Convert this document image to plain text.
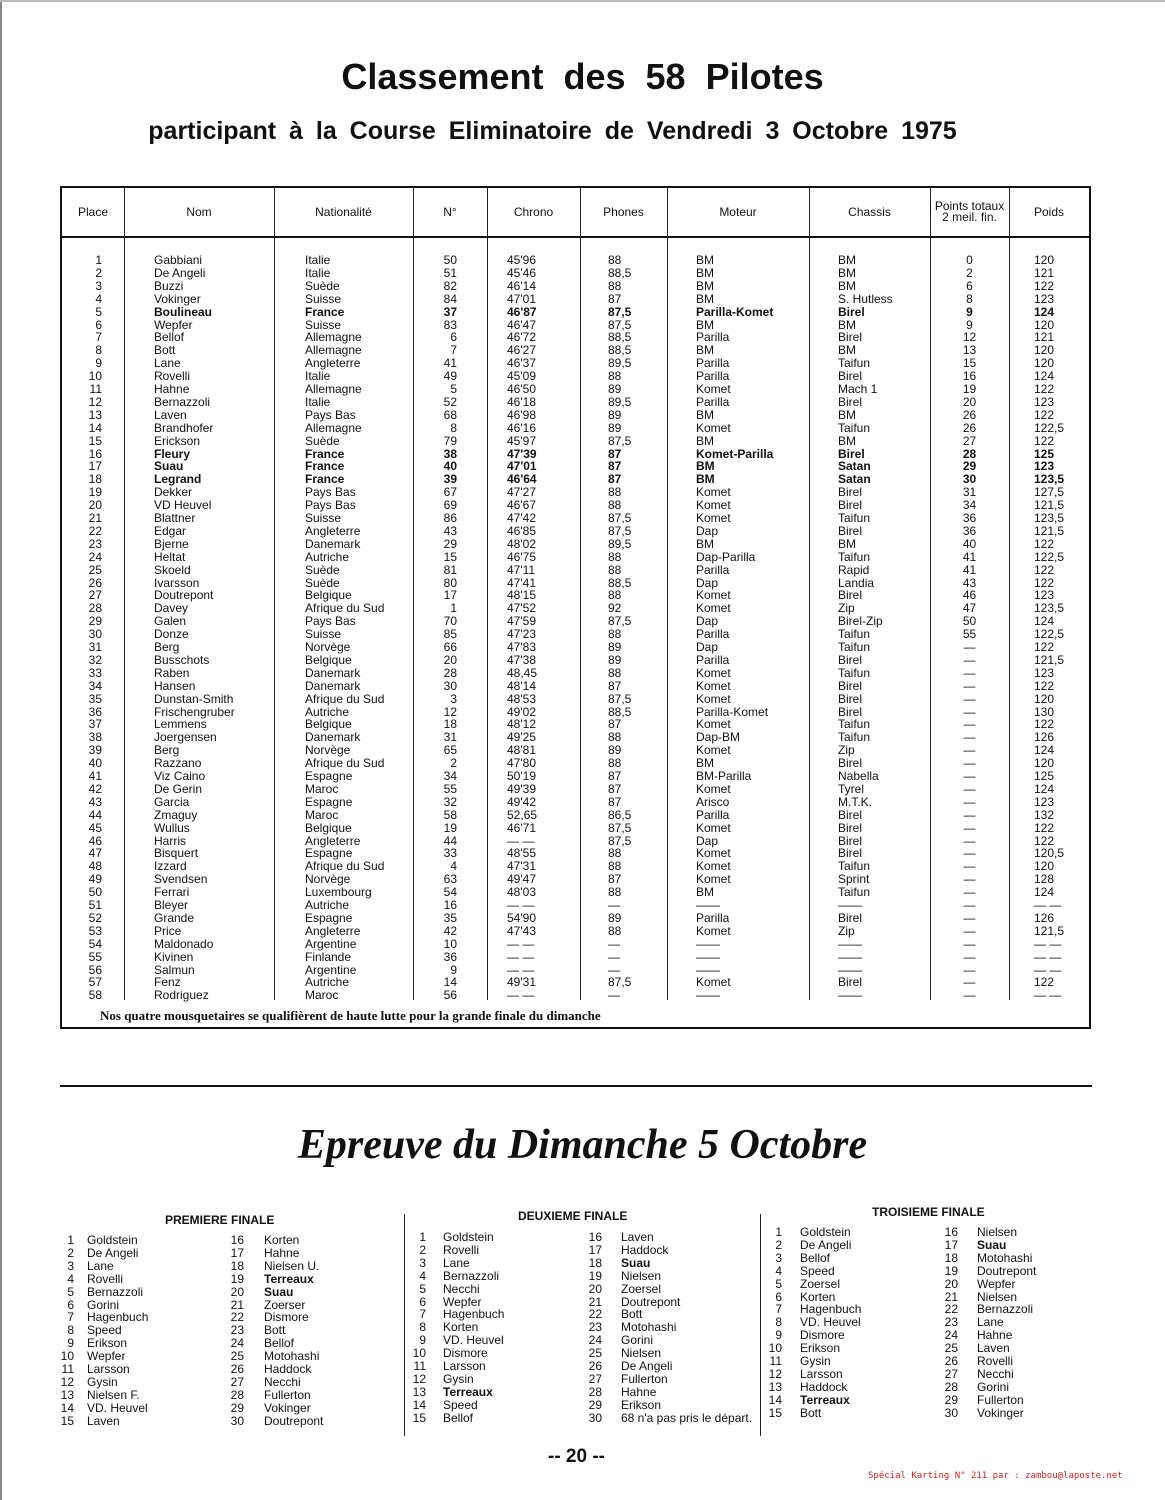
Classement des 58 Pilotes
participant à la Course Eliminatoire de Vendredi 3 Octobre 1975
Place	Nom	Nationalité	N°	Chrono	Phones	Moteur	Chassis	Points totaux 2 meil. fin.	Poids
1	Gabbiani	Italie	50	45'96	88	BM	BM	0	120
2	De Angeli	Italie	51	45'46	88,5	BM	BM	2	121
3	Buzzi	Suède	82	46'14	88	BM	BM	6	122
4	Vokinger	Suisse	84	47'01	87	BM	S. Hutless	8	123
5	Boulineau	France	37	46'87	87,5	Parilla-Komet	Birel	9	124
6	Wepfer	Suisse	83	46'47	87,5	BM	BM	9	120
7	Bellof	Allemagne	6	46'72	88,5	Parilla	Birel	12	121
8	Bott	Allemagne	7	46'27	88,5	BM	BM	13	120
9	Lane	Angleterre	41	46'37	89,5	Parilla	Taifun	15	120
10	Rovelli	Italie	49	45'09	88	Parilla	Birel	16	124
11	Hahne	Allemagne	5	46'50	89	Komet	Mach 1	19	122
12	Bernazzoli	Italie	52	46'18	89,5	Parilla	Birel	20	123
13	Laven	Pays Bas	68	46'98	89	BM	BM	26	122
14	Brandhofer	Allemagne	8	46'16	89	Komet	Taifun	26	122,5
15	Erickson	Suède	79	45'97	87,5	BM	BM	27	122
16	Fleury	France	38	47'39	87	Komet-Parilla	Birel	28	125
17	Suau	France	40	47'01	87	BM	Satan	29	123
18	Legrand	France	39	46'64	87	BM	Satan	30	123,5
19	Dekker	Pays Bas	67	47'27	88	Komet	Birel	31	127,5
20	VD Heuvel	Pays Bas	69	46'67	88	Komet	Birel	34	121,5
21	Blattner	Suisse	86	47'42	87,5	Komet	Taifun	36	123,5
22	Edgar	Angleterre	43	46'85	87,5	Dap	Birel	36	121,5
23	Bjerne	Danemark	29	48'02	89,5	BM	BM	40	122
24	Heltat	Autriche	15	46'75	88	Dap-Parilla	Taifun	41	122,5
25	Skoeld	Suède	81	47'11	88	Parilla	Rapid	41	122
26	Ivarsson	Suède	80	47'41	88,5	Dap	Landia	43	122
27	Doutrepont	Belgique	17	48'15	88	Komet	Birel	46	123
28	Davey	Afrique du Sud	1	47'52	92	Komet	Zip	47	123,5
29	Galen	Pays Bas	70	47'59	87,5	Dap	Birel-Zip	50	124
30	Donze	Suisse	85	47'23	88	Parilla	Taifun	55	122,5
31	Berg	Norvège	66	47'83	89	Dap	Taifun	—	122
32	Busschots	Belgique	20	47'38	89	Parilla	Birel	—	121,5
33	Raben	Danemark	28	48,45	88	Komet	Taifun	—	123
34	Hansen	Danemark	30	48'14	87	Komet	Birel	—	122
35	Dunstan-Smith	Afrique du Sud	3	48'53	87,5	Komet	Birel	—	120
36	Frischengruber	Autriche	12	49'02	88,5	Parilla-Komet	Birel	—	130
37	Lemmens	Belgique	18	48'12	87	Komet	Taifun	—	122
38	Joergensen	Danemark	31	49'25	88	Dap-BM	Taifun	—	126
39	Berg	Norvège	65	48'81	89	Komet	Zip	—	124
40	Razzano	Afrique du Sud	2	47'80	88	BM	Birel	—	120
41	Viz Caino	Espagne	34	50'19	87	BM-Parilla	Nabella	—	125
42	De Gerin	Maroc	55	49'39	87	Komet	Tyrel	—	124
43	Garcia	Espagne	32	49'42	87	Arisco	M.T.K.	—	123
44	Zmaguy	Maroc	58	52,65	86,5	Parilla	Birel	—	132
45	Wullus	Belgique	19	46'71	87,5	Komet	Birel	—	122
46	Harris	Angleterre	44	— —	87,5	Dap	Birel	—	122
47	Bisquert	Espagne	33	48'55	88	Komet	Birel	—	120,5
48	Izzard	Afrique du Sud	4	47'31	88	Komet	Taifun	—	120
49	Svendsen	Norvège	63	49'47	87	Komet	Sprint	—	128
50	Ferrari	Luxembourg	54	48'03	88	BM	Taifun	—	124
51	Bleyer	Autriche	16	— —	—	——	——	—	— —
52	Grande	Espagne	35	54'90	89	Parilla	Birel	—	126
53	Price	Angleterre	42	47'43	88	Komet	Zip	—	121,5
54	Maldonado	Argentine	10	— —	—	——	——	—	— —
55	Kivinen	Finlande	36	— —	—	——	——	—	— —
56	Salmun	Argentine	9	— —	—	——	——	—	— —
57	Fenz	Autriche	14	49'31	87,5	Komet	Birel	—	122
58	Rodriguez	Maroc	56	— —	—	——	——	—	— —
Nos quatre mousquetaires se qualifièrent de haute lutte pour la grande finale du dimanche
Epreuve du Dimanche 5 Octobre
PREMIERE FINALE
1 Goldstein
2 De Angeli
3 Lane
4 Rovelli
5 Bernazzoli
6 Gorini
7 Hagenbuch
8 Speed
9 Erikson
10 Wepfer
11 Larsson
12 Gysin
13 Nielsen F.
14 VD. Heuvel
15 Laven
16 Korten
17 Hahne
18 Nielsen U.
19 Terreaux
20 Suau
21 Zoerser
22 Dismore
23 Bott
24 Bellof
25 Motohashi
26 Haddock
27 Necchi
28 Fullerton
29 Vokinger
30 Doutrepont
DEUXIEME FINALE
1 Goldstein
2 Rovelli
3 Lane
4 Bernazzoli
5 Necchi
6 Wepfer
7 Hagenbuch
8 Korten
9 VD. Heuvel
10 Dismore
11 Larsson
12 Gysin
13 Terreaux
14 Speed
15 Bellof
16 Laven
17 Haddock
18 Suau
19 Nielsen
20 Zoersel
21 Doutrepont
22 Bott
23 Motohashi
24 Gorini
25 Nielsen
26 De Angeli
27 Fullerton
28 Hahne
29 Erikson
30 68 n'a pas pris le départ.
TROISIEME FINALE
1 Goldstein
2 De Angeli
3 Bellof
4 Speed
5 Zoersel
6 Korten
7 Hagenbuch
8 VD. Heuvel
9 Dismore
10 Erikson
11 Gysin
12 Larsson
13 Haddock
14 Terreaux
15 Bott
16 Nielsen
17 Suau
18 Motohashi
19 Doutrepont
20 Wepfer
21 Nielsen
22 Bernazzoli
23 Lane
24 Hahne
25 Laven
26 Rovelli
27 Necchi
28 Gorini
29 Fullerton
30 Vokinger
-- 20 --
Spécial Karting N° 211 par : zambou@laposte.net
